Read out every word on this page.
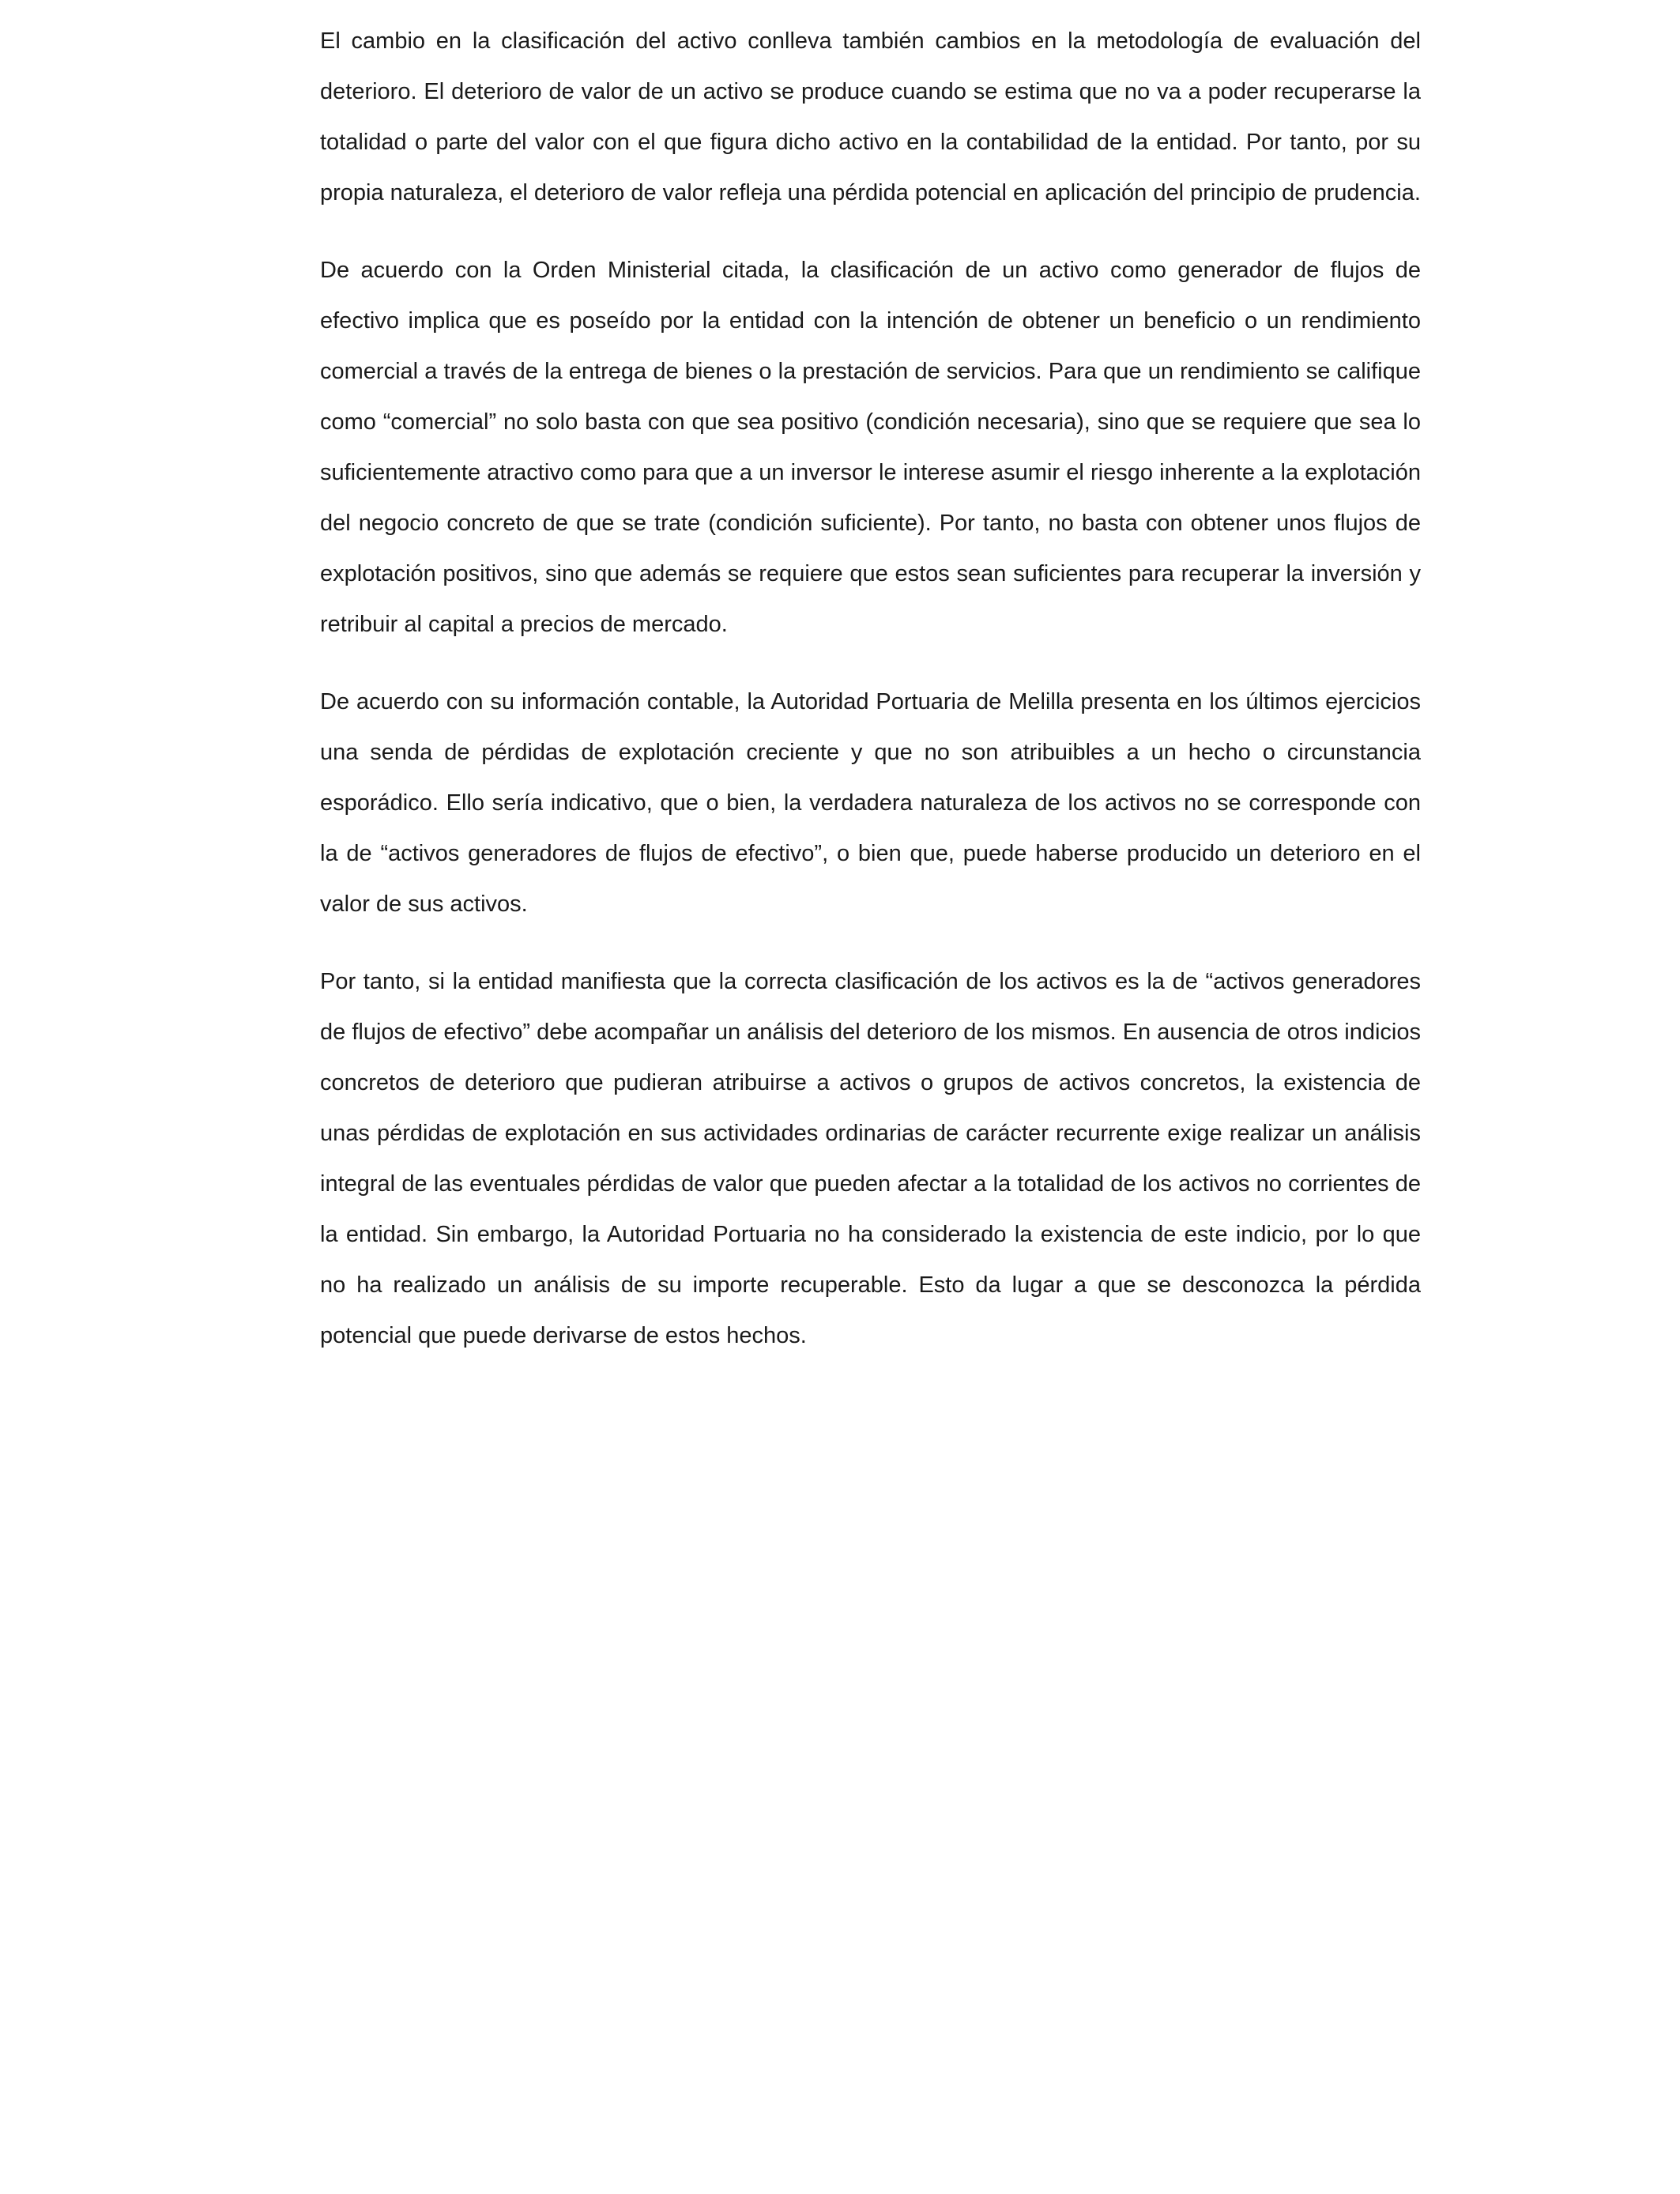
El cambio en la clasificación del activo conlleva también cambios en la metodología de evaluación del deterioro. El deterioro de valor de un activo se produce cuando se estima que no va a poder recuperarse la totalidad o parte del valor con el que figura dicho activo en la contabilidad de la entidad. Por tanto, por su propia naturaleza, el deterioro de valor refleja una pérdida potencial en aplicación del principio de prudencia.

De acuerdo con la Orden Ministerial citada, la clasificación de un activo como generador de flujos de efectivo implica que es poseído por la entidad con la intención de obtener un beneficio o un rendimiento comercial a través de la entrega de bienes o la prestación de servicios. Para que un rendimiento se califique como “comercial” no solo basta con que sea positivo (condición necesaria), sino que se requiere que sea lo suficientemente atractivo como para que a un inversor le interese asumir el riesgo inherente a la explotación del negocio concreto de que se trate (condición suficiente). Por tanto, no basta con obtener unos flujos de explotación positivos, sino que además se requiere que estos sean suficientes para recuperar la inversión y retribuir al capital a precios de mercado.

De acuerdo con su información contable, la Autoridad Portuaria de Melilla presenta en los últimos ejercicios una senda de pérdidas de explotación creciente y que no son atribuibles a un hecho o circunstancia esporádico. Ello sería indicativo, que o bien, la verdadera naturaleza de los activos no se corresponde con la de “activos generadores de flujos de efectivo”, o bien que, puede haberse producido un deterioro en el valor de sus activos.

Por tanto, si la entidad manifiesta que la correcta clasificación de los activos es la de “activos generadores de flujos de efectivo” debe acompañar un análisis del deterioro de los mismos. En ausencia de otros indicios concretos de deterioro que pudieran atribuirse a activos o grupos de activos concretos, la existencia de unas pérdidas de explotación en sus actividades ordinarias de carácter recurrente exige realizar un análisis integral de las eventuales pérdidas de valor que pueden afectar a la totalidad de los activos no corrientes de la entidad. Sin embargo, la Autoridad Portuaria no ha considerado la existencia de este indicio, por lo que no ha realizado un análisis de su importe recuperable. Esto da lugar a que se desconozca la pérdida potencial que puede derivarse de estos hechos.
